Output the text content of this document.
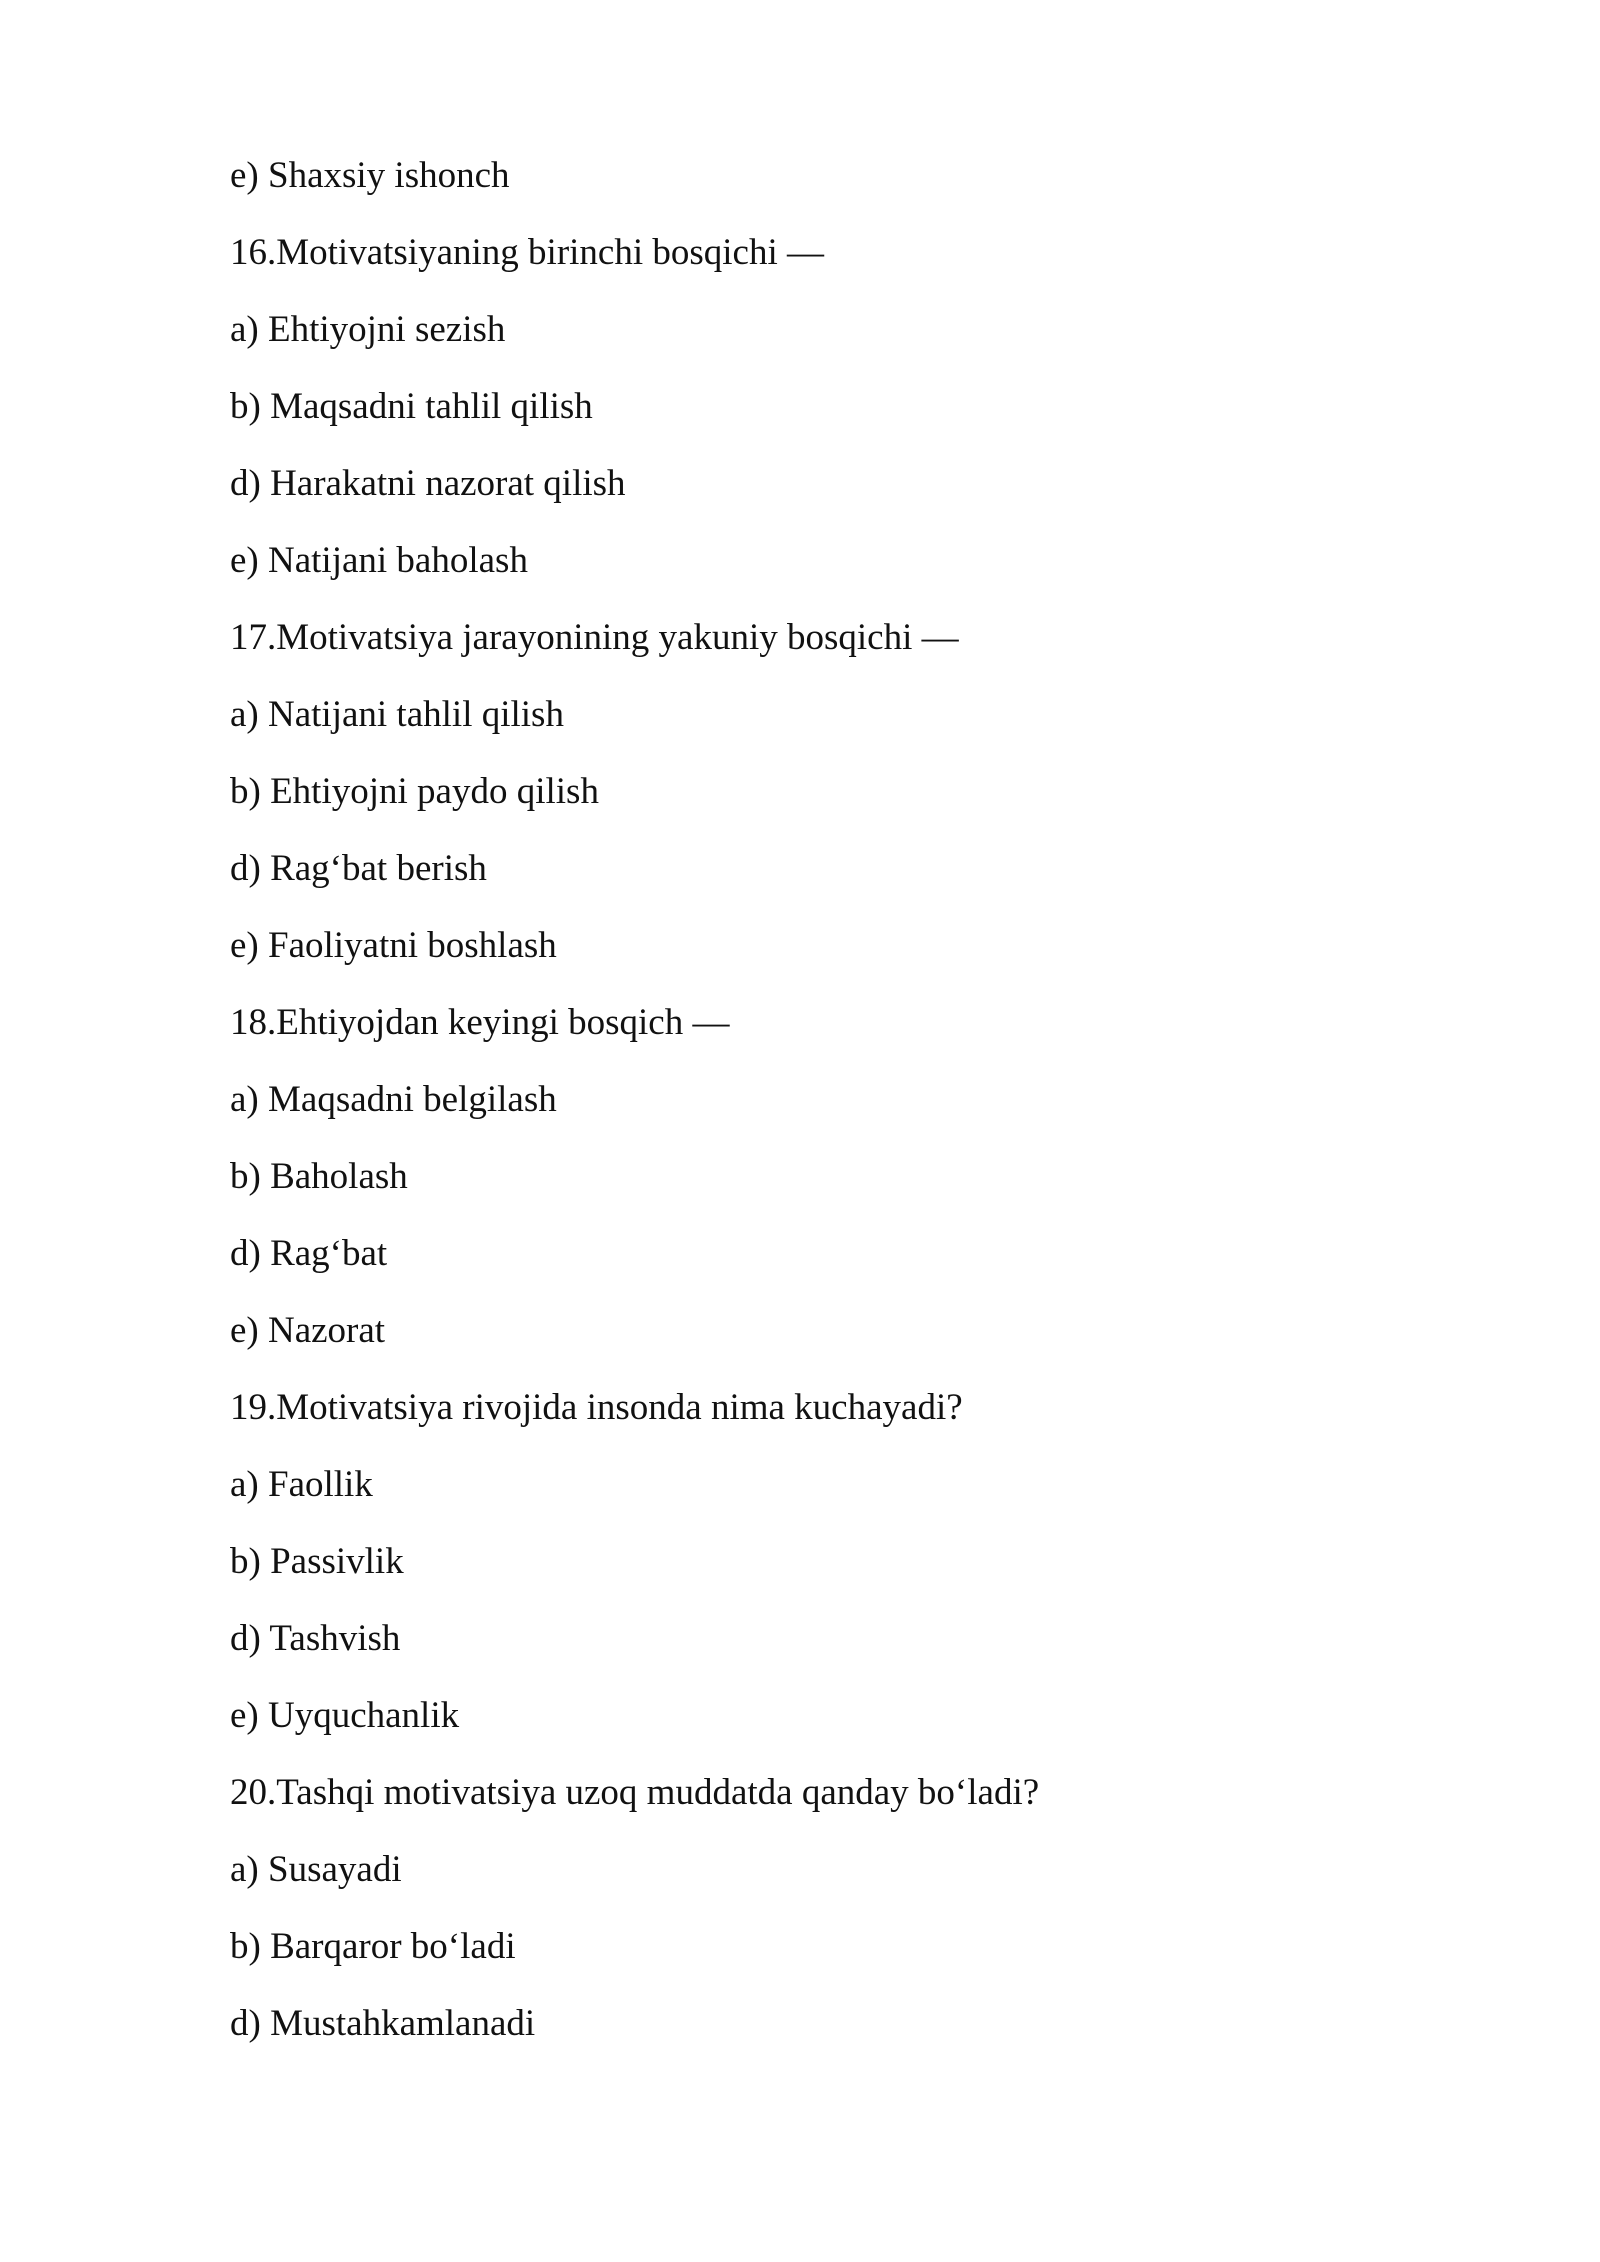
e) Shaxsiy ishonch
16.Motivatsiyaning birinchi bosqichi —
a) Ehtiyojni sezish
b) Maqsadni tahlil qilish
d) Harakatni nazorat qilish
e) Natijani baholash
17.Motivatsiya jarayonining yakuniy bosqichi —
a) Natijani tahlil qilish
b) Ehtiyojni paydo qilish
d) Rag‘bat berish
e) Faoliyatni boshlash
18.Ehtiyojdan keyingi bosqich —
a) Maqsadni belgilash
b) Baholash
d) Rag‘bat
e) Nazorat
19.Motivatsiya rivojida insonda nima kuchayadi?
a) Faollik
b) Passivlik
d) Tashvish
e) Uyquchanlik
20.Tashqi motivatsiya uzoq muddatda qanday bo‘ladi?
a) Susayadi
b) Barqaror bo‘ladi
d) Mustahkamlanadi
